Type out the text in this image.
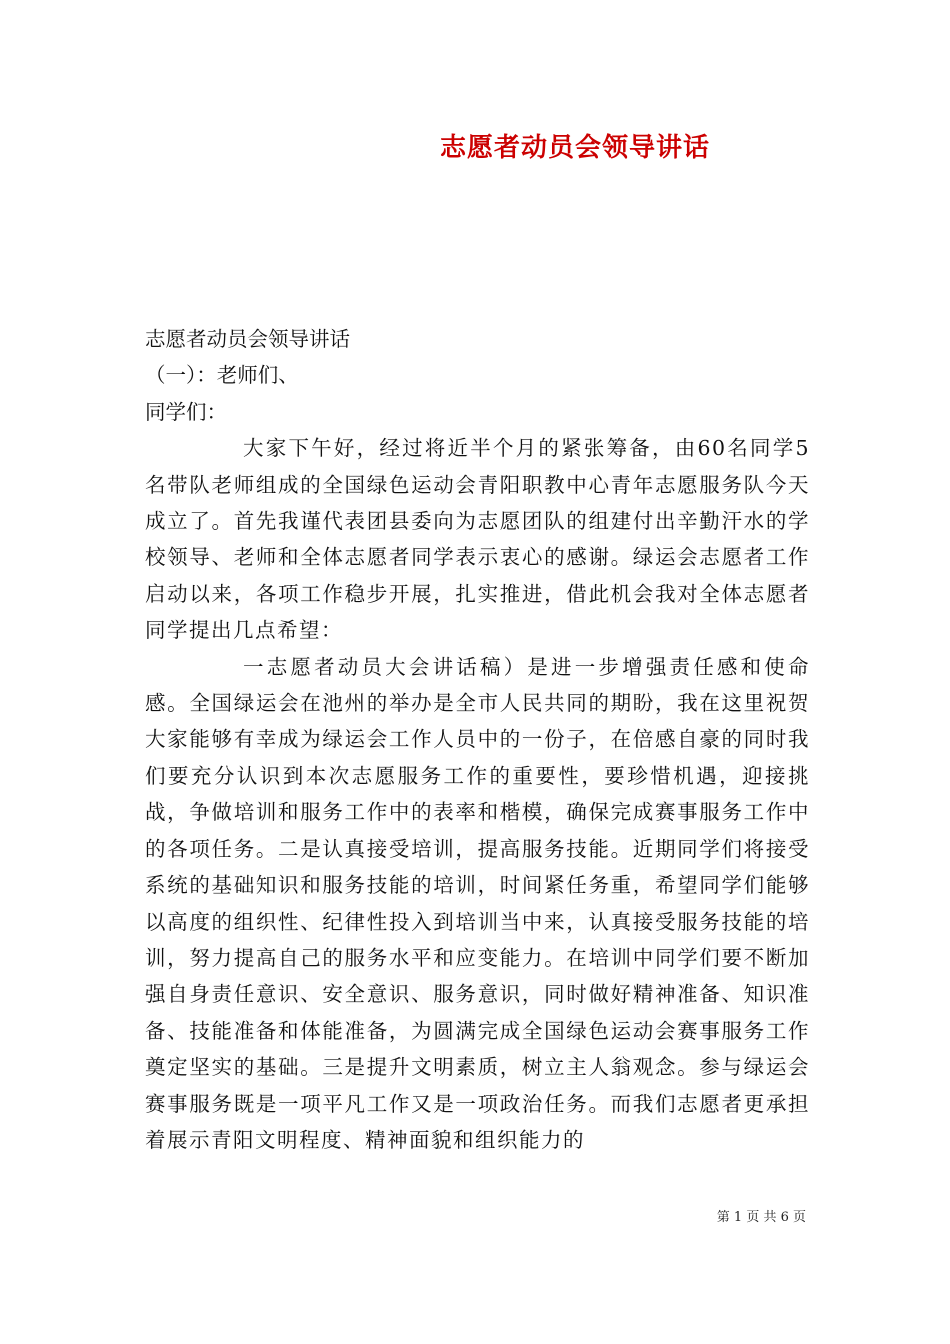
志愿者动员会领导讲话

志愿者动员会领导讲话

（一）：老师们、

同学们：

大家下午好，经过将近半个月的紧张筹备，由60名同学5名带队老师组成的全国绿色运动会青阳职教中心青年志愿服务队今天成立了。首先我谨代表团县委向为志愿团队的组建付出辛勤汗水的学校领导、老师和全体志愿者同学表示衷心的感谢。绿运会志愿者工作启动以来，各项工作稳步开展，扎实推进，借此机会我对全体志愿者同学提出几点希望：

一志愿者动员大会讲话稿）是进一步增强责任感和使命感。全国绿运会在池州的举办是全市人民共同的期盼，我在这里祝贺大家能够有幸成为绿运会工作人员中的一份子，在倍感自豪的同时我们要充分认识到本次志愿服务工作的重要性，要珍惜机遇，迎接挑战，争做培训和服务工作中的表率和楷模，确保完成赛事服务工作中的各项任务。二是认真接受培训，提高服务技能。近期同学们将接受系统的基础知识和服务技能的培训，时间紧任务重，希望同学们能够以高度的组织性、纪律性投入到培训当中来，认真接受服务技能的培训，努力提高自己的服务水平和应变能力。在培训中同学们要不断加强自身责任意识、安全意识、服务意识，同时做好精神准备、知识准备、技能准备和体能准备，为圆满完成全国绿色运动会赛事服务工作奠定坚实的基础。三是提升文明素质，树立主人翁观念。参与绿运会赛事服务既是一项平凡工作又是一项政治任务。而我们志愿者更承担着展示青阳文明程度、精神面貌和组织能力的

第 1 页 共 6 页
